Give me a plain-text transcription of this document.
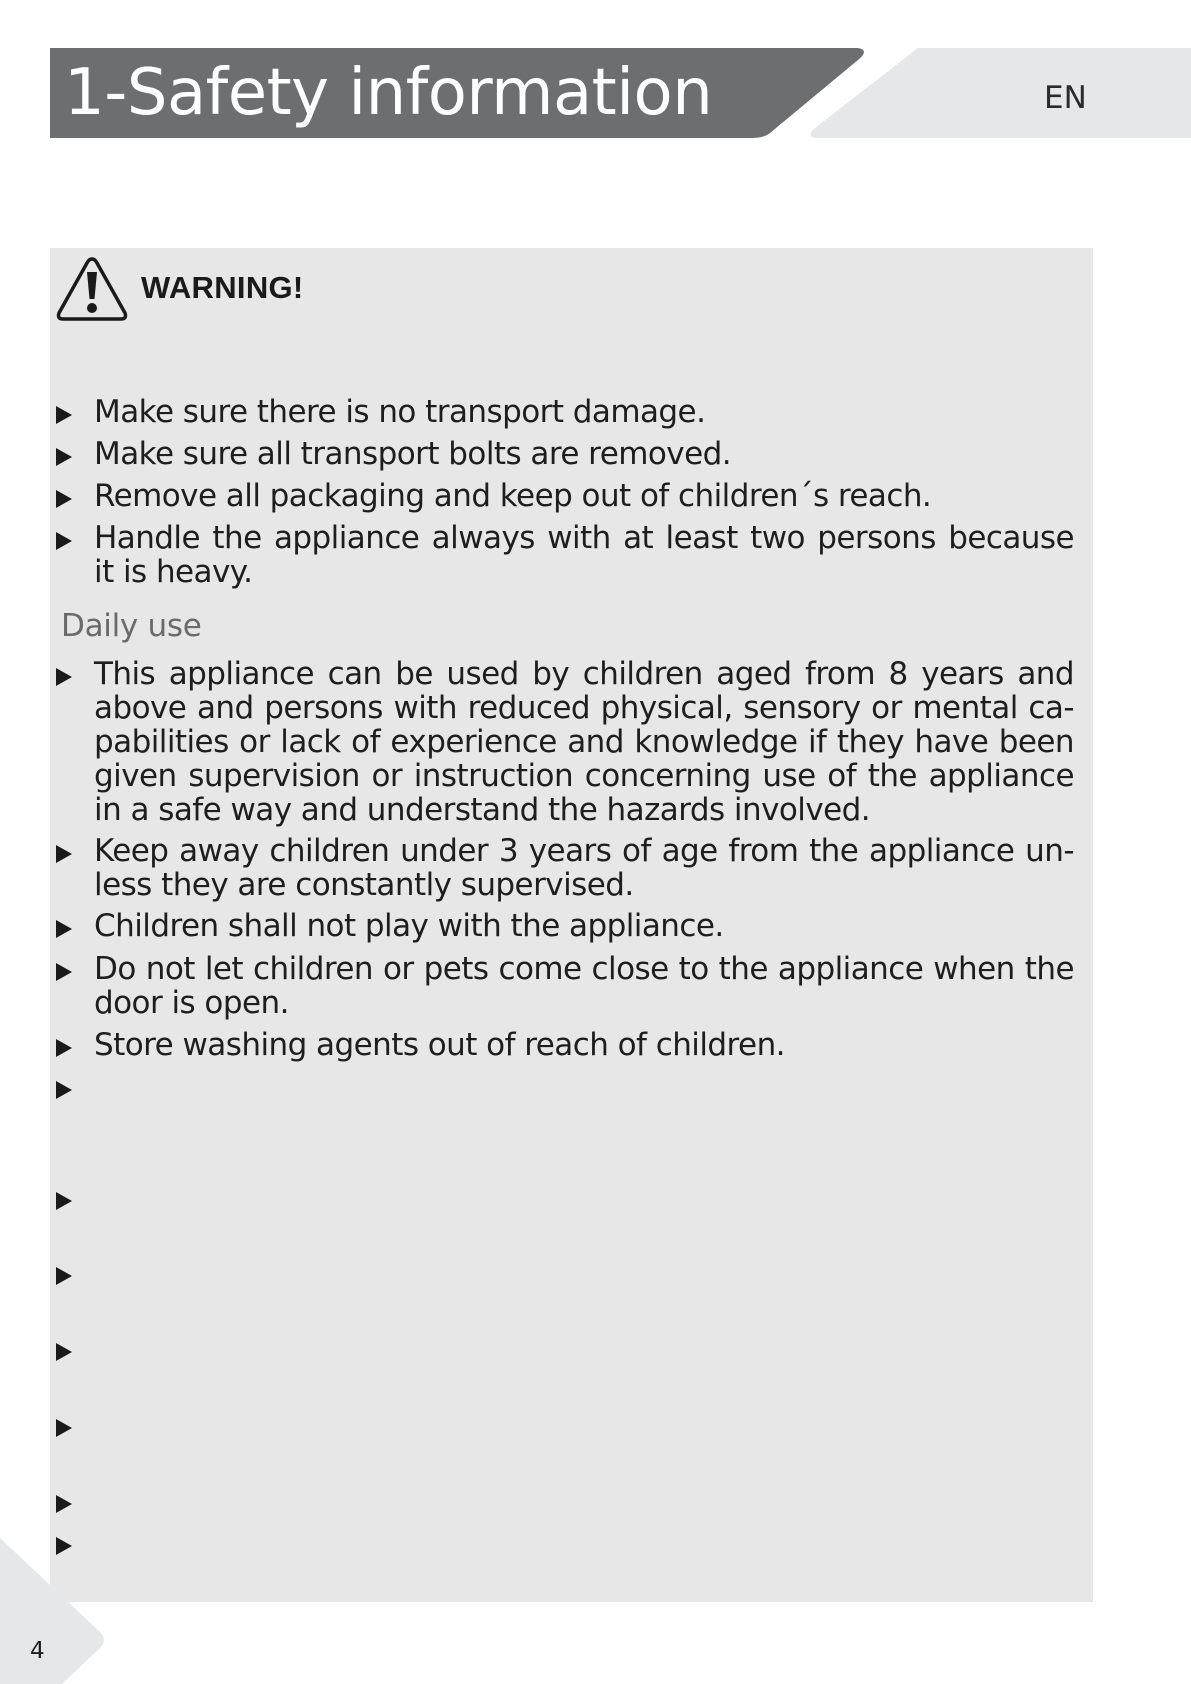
1-Safety information	EN
WARNING!

Make sure there is no transport damage.

Make sure all transport bolts are removed.

Remove all packaging and keep out of children´s reach.

Handle the appliance always with at least two persons because it is heavy.

Daily use

This appliance can be used by children aged from 8 years and above and persons with reduced physical, sensory or mental ca-pabilities or lack of experience and knowledge if they have been given supervision or instruction concerning use of the appliance in a safe way and understand the hazards involved.

Keep away children under 3 years of age from the appliance un-less they are constantly supervised.

Children shall not play with the appliance.

Do not let children or pets come close to the appliance when the door is open.

Store washing agents out of reach of children.

4
